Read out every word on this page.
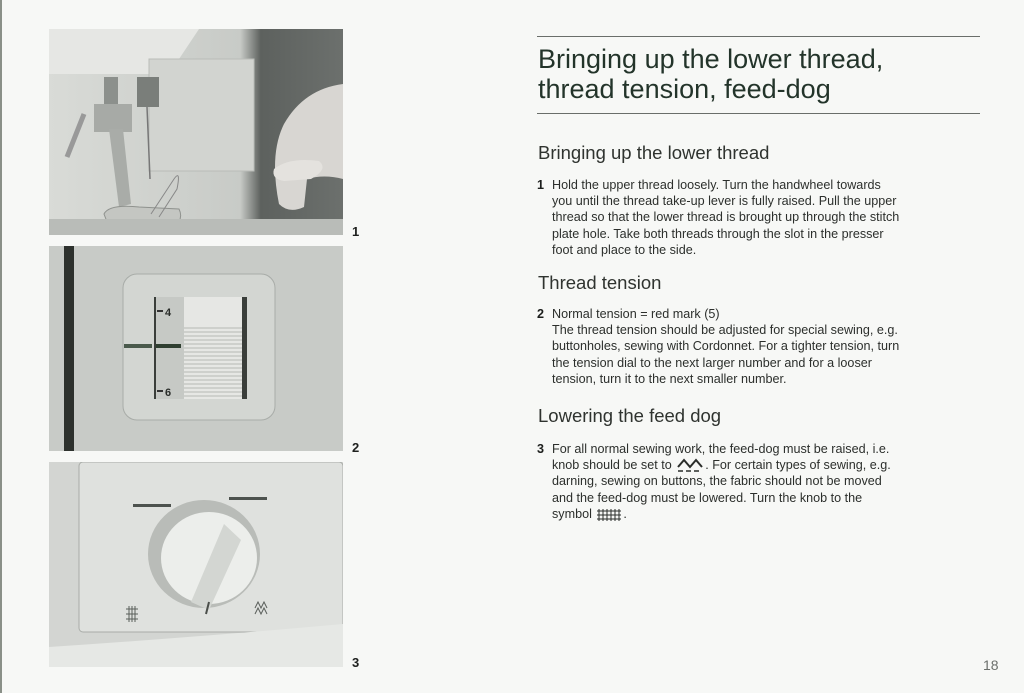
1
4
6
2
3
Bringing up the lower thread,
thread tension, feed-dog
Bringing up the lower thread
1 Hold the upper thread loosely. Turn the handwheel towards
you until the thread take-up lever is fully raised. Pull the upper
thread so that the lower thread is brought up through the stitch
plate hole. Take both threads through the slot in the presser
foot and place to the side.
Thread tension
2 Normal tension = red mark (5)
The thread tension should be adjusted for special sewing, e.g.
buttonholes, sewing with Cordonnet. For a tighter tension, turn
the tension dial to the next larger number and for a looser
tension, turn it to the next smaller number.
Lowering the feed dog
3 For all normal sewing work, the feed-dog must be raised, i.e.
knob should be set to	. For certain types of sewing, e.g.
darning, sewing on buttons, the fabric should not be moved
and the feed-dog must be lowered. Turn the knob to the
symbol	.
18
